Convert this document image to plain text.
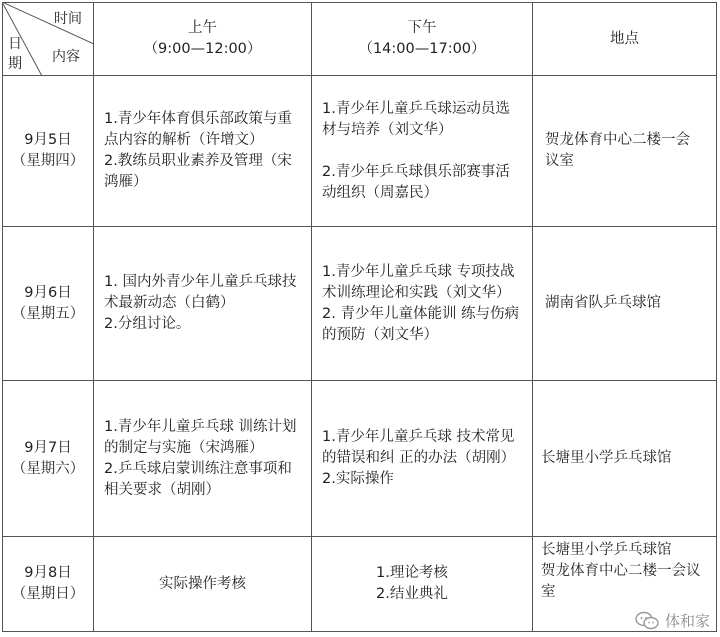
时间
内容
日
期
上午
（9:00—12:00）
下午
（14:00—17:00）
地点
9月5日
（星期四）
1.青少年体育俱乐部政策与重点内容的解析（许增文）
2.教练员职业素养及管理（宋鸿雁）
1.青少年儿童乒乓球运动员选材与培养（刘文华）

2.青少年乒乓球俱乐部赛事活动组织（周嘉民）
贺龙体育中心二楼一会议室
9月6日
（星期五）
1. 国内外青少年儿童乒乓球技术最新动态（白鹤）
2.分组讨论。
1.青少年儿童乒乓球 专项技战术训练理论和实践（刘文华）
2. 青少年儿童体能训 练与伤病的预防（刘文华）
湖南省队乒乓球馆
9月7日
（星期六）
1.青少年儿童乒乓球 训练计划的制定与实施（宋鸿雁）
2.乒乓球启蒙训练注意事项和相关要求（胡刚）
1.青少年儿童乒乓球 技术常见的错误和纠 正的办法（胡刚）
2.实际操作
长塘里小学乒乓球馆
9月8日
（星期日）
实际操作考核
1.理论考核
2.结业典礼
长塘里小学乒乓球馆
贺龙体育中心二楼一会议室
体和家
